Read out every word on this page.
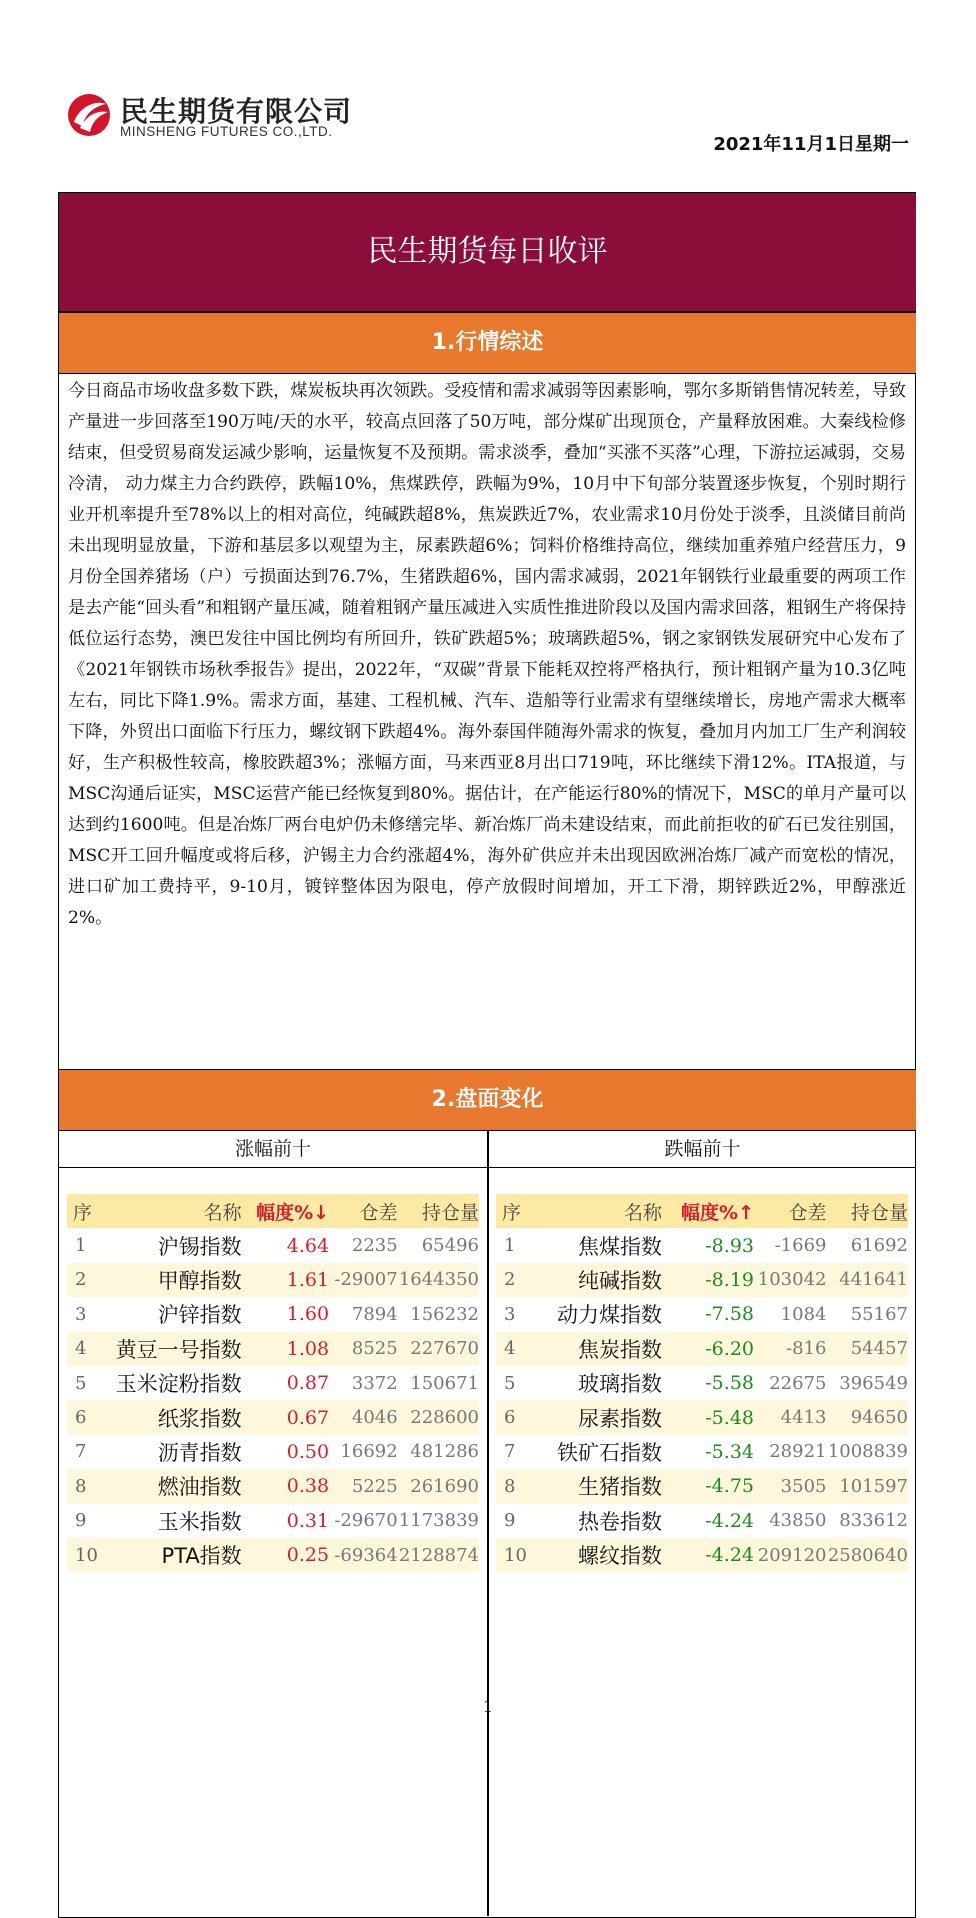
民生期货有限公司
MINSHENG FUTURES CO.,LTD.
2021年11月1日星期一
民生期货每日收评
1.行情综述
今日商品市场收盘多数下跌，煤炭板块再次领跌。受疫情和需求减弱等因素影响，鄂尔多斯销售情况转差，导致产量进一步回落至190万吨/天的水平，较高点回落了50万吨，部分煤矿出现顶仓，产量释放困难。大秦线检修结束，但受贸易商发运减少影响，运量恢复不及预期。需求淡季，叠加“买涨不买落”心理，下游拉运减弱，交易冷清， 动力煤主力合约跌停，跌幅10%，焦煤跌停，跌幅为9%，10月中下旬部分装置逐步恢复，个别时期行业开机率提升至78%以上的相对高位，纯碱跌超8%，焦炭跌近7%，农业需求10月份处于淡季，且淡储目前尚未出现明显放量，下游和基层多以观望为主，尿素跌超6%；饲料价格维持高位，继续加重养殖户经营压力，9月份全国养猪场（户）亏损面达到76.7%，生猪跌超6%，国内需求减弱，2021年钢铁行业最重要的两项工作是去产能“回头看”和粗钢产量压减，随着粗钢产量压减进入实质性推进阶段以及国内需求回落，粗钢生产将保持低位运行态势，澳巴发往中国比例均有所回升，铁矿跌超5%；玻璃跌超5%，钢之家钢铁发展研究中心发布了《2021年钢铁市场秋季报告》提出，2022年，“双碳”背景下能耗双控将严格执行，预计粗钢产量为10.3亿吨左右，同比下降1.9%。需求方面，基建、工程机械、汽车、造船等行业需求有望继续增长，房地产需求大概率下降，外贸出口面临下行压力，螺纹钢下跌超4%。海外泰国伴随海外需求的恢复，叠加月内加工厂生产利润较好，生产积极性较高，橡胶跌超3%；涨幅方面，马来西亚8月出口719吨，环比继续下滑12%。ITA报道，与MSC沟通后证实，MSC运营产能已经恢复到80%。据估计，在产能运行80%的情况下，MSC的单月产量可以达到约1600吨。但是冶炼厂两台电炉仍未修缮完毕、新冶炼厂尚未建设结束，而此前拒收的矿石已发往别国，MSC开工回升幅度或将后移，沪锡主力合约涨超4%，海外矿供应并未出现因欧洲冶炼厂减产而宽松的情况，进口矿加工费持平，9-10月，镀锌整体因为限电，停产放假时间增加，开工下滑，期锌跌近2%，甲醇涨近2%。
2.盘面变化
涨幅前十	跌幅前十
序	名称	幅度%↓	仓差	持仓量
1	沪锡指数	4.64	2235	65496
2	甲醇指数	1.61	-29007	1644350
3	沪锌指数	1.60	7894	156232
4	黄豆一号指数	1.08	8525	227670
5	玉米淀粉指数	0.87	3372	150671
6	纸浆指数	0.67	4046	228600
7	沥青指数	0.50	16692	481286
8	燃油指数	0.38	5225	261690
9	玉米指数	0.31	-29670	1173839
10	PTA指数	0.25	-69364	2128874
序	名称	幅度%↑	仓差	持仓量
1	焦煤指数	-8.93	-1669	61692
2	纯碱指数	-8.19	103042	441641
3	动力煤指数	-7.58	1084	55167
4	焦炭指数	-6.20	-816	54457
5	玻璃指数	-5.58	22675	396549
6	尿素指数	-5.48	4413	94650
7	铁矿石指数	-5.34	28921	1008839
8	生猪指数	-4.75	3505	101597
9	热卷指数	-4.24	43850	833612
10	螺纹指数	-4.24	209120	2580640
1
